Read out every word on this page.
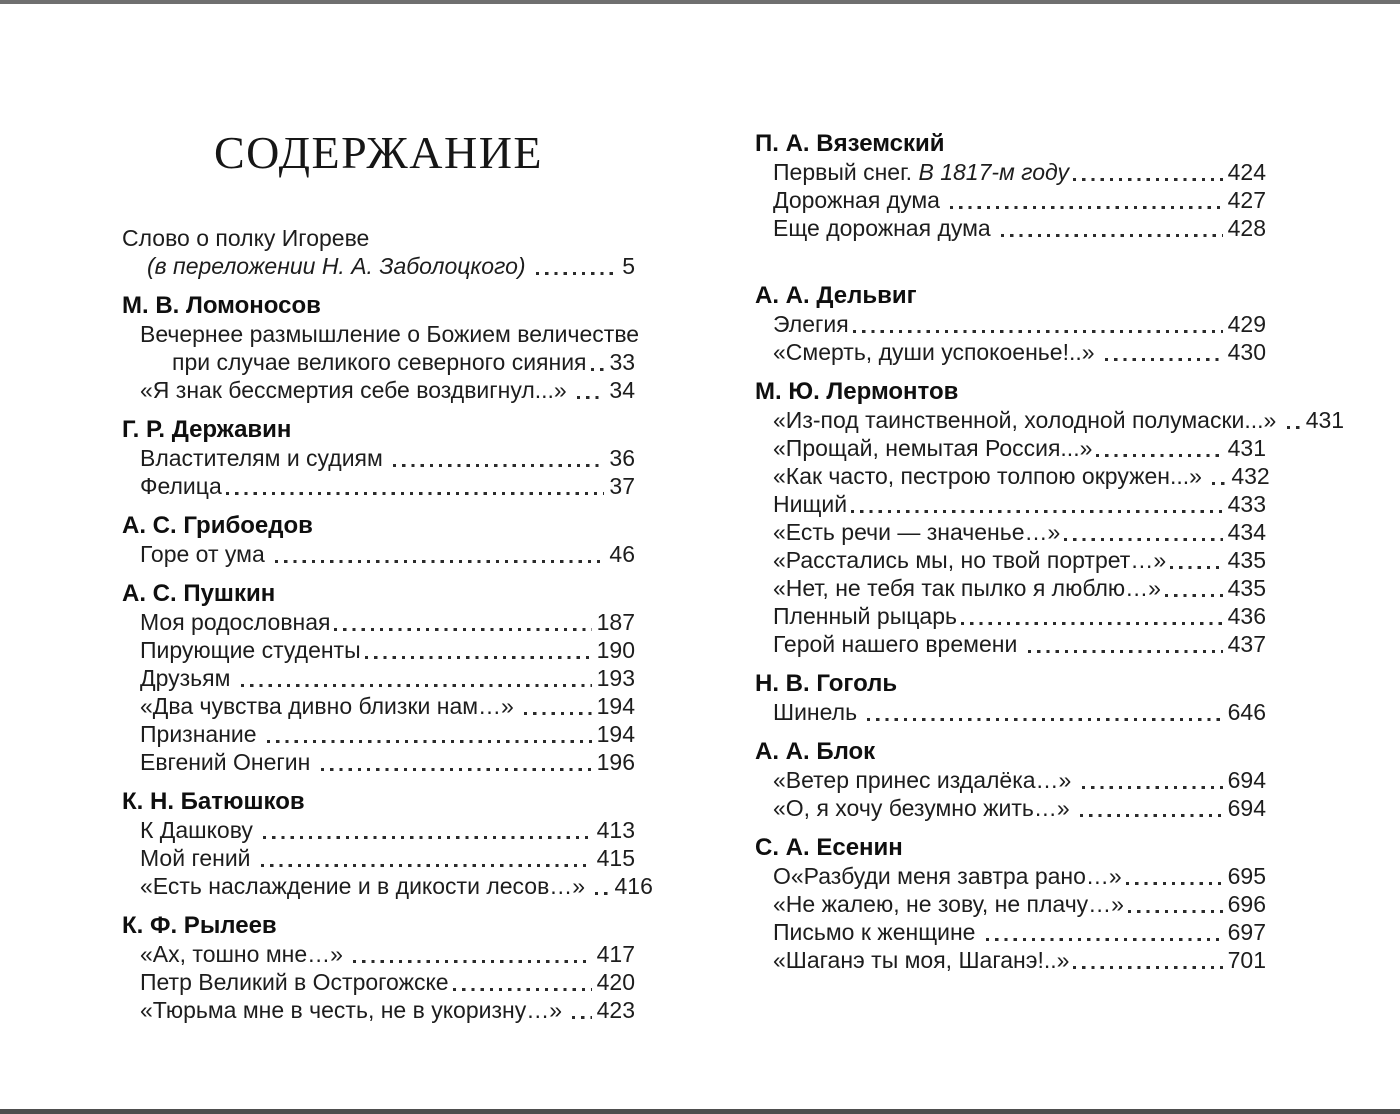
СОДЕРЖАНИЕ
Слово о полку Игореве
(в переложении Н. А. Заболоцкого)	5
М. В. Ломоносов
Вечернее размышление о Божием величестве
при случае великого северного сияния 33
«Я знак бессмертия себе воздвигнул...» 34
Г. Р. Державин
Властителям и судиям	36
Фелица	37
А. С. Грибоедов
Горе от ума	46
А. С. Пушкин
Моя родословная	187
Пирующие студенты	190
Друзьям	193
«Два чувства дивно близки нам…»	194
Признание	194
Евгений Онегин	196
К. Н. Батюшков
К Дашкову	413
Мой гений	415
«Есть наслаждение и в дикости лесов…» 416
К. Ф. Рылеев
«Ах, тошно мне…»	417
Петр Великий в Острогожске	420
«Тюрьма мне в честь, не в укоризну…» 423
П. А. Вяземский
Первый снег. В 1817-м году	424
Дорожная дума	427
Еще дорожная дума	428
А. А. Дельвиг
Элегия	429
«Смерть, души успокоенье!..»	430
М. Ю. Лермонтов
«Из-под таинственной, холодной полумаски...» 431
«Прощай, немытая Россия...»	431
«Как часто, пестрою толпою окружен...» 432
Нищий	433
«Есть речи — значенье…»	434
«Расстались мы, но твой портрет…»	435
«Нет, не тебя так пылко я люблю…»	435
Пленный рыцарь	436
Герой нашего времени	437
Н. В. Гоголь
Шинель	646
А. А. Блок
«Ветер принес издалёка…»	694
«О, я хочу безумно жить…»	694
С. А. Есенин
О«Разбуди меня завтра рано…»	695
«Не жалею, не зову, не плачу…»	696
Письмо к женщине	697
«Шаганэ ты моя, Шаганэ!..»	701
